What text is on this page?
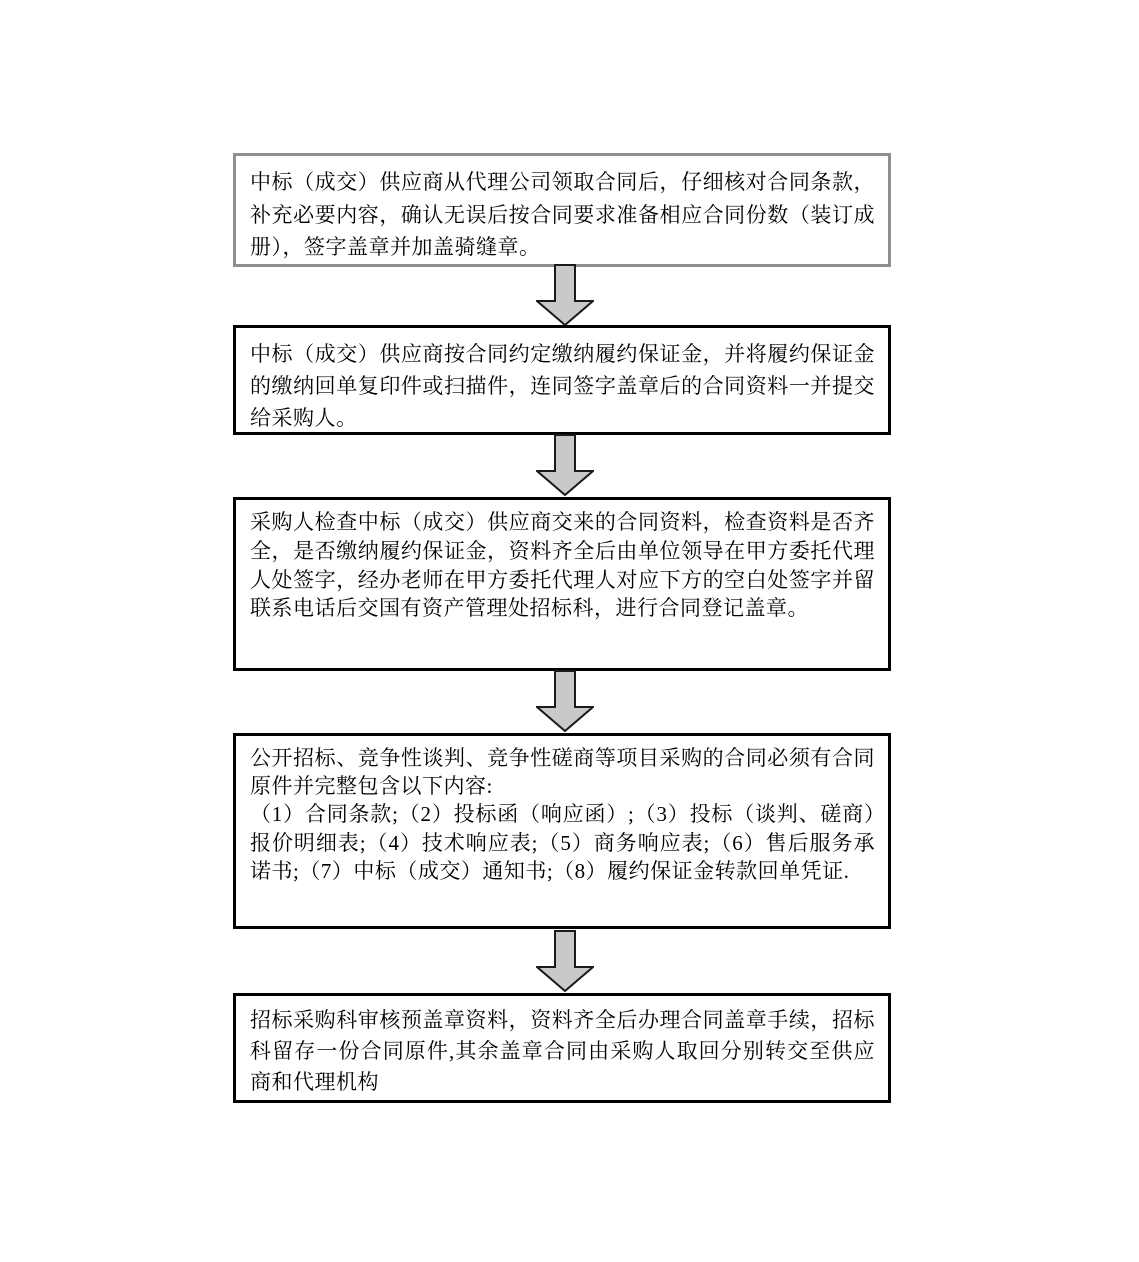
中标（成交）供应商从代理公司领取合同后，仔细核对合同条款，补充必要内容，确认无误后按合同要求准备相应合同份数（装订成册），签字盖章并加盖骑缝章。

中标（成交）供应商按合同约定缴纳履约保证金，并将履约保证金的缴纳回单复印件或扫描件，连同签字盖章后的合同资料一并提交给采购人。

采购人检查中标（成交）供应商交来的合同资料，检查资料是否齐全，是否缴纳履约保证金，资料齐全后由单位领导在甲方委托代理人处签字，经办老师在甲方委托代理人对应下方的空白处签字并留联系电话后交国有资产管理处招标科，进行合同登记盖章。

公开招标、竞争性谈判、竞争性磋商等项目采购的合同必须有合同原件并完整包含以下内容:

（1）合同条款;（2）投标函（响应函）;（3）投标（谈判、磋商）报价明细表;（4）技术响应表;（5）商务响应表;（6）售后服务承诺书;（7）中标（成交）通知书;（8）履约保证金转款回单凭证.

招标采购科审核预盖章资料，资料齐全后办理合同盖章手续，招标科留存一份合同原件,其余盖章合同由采购人取回分别转交至供应商和代理机构
